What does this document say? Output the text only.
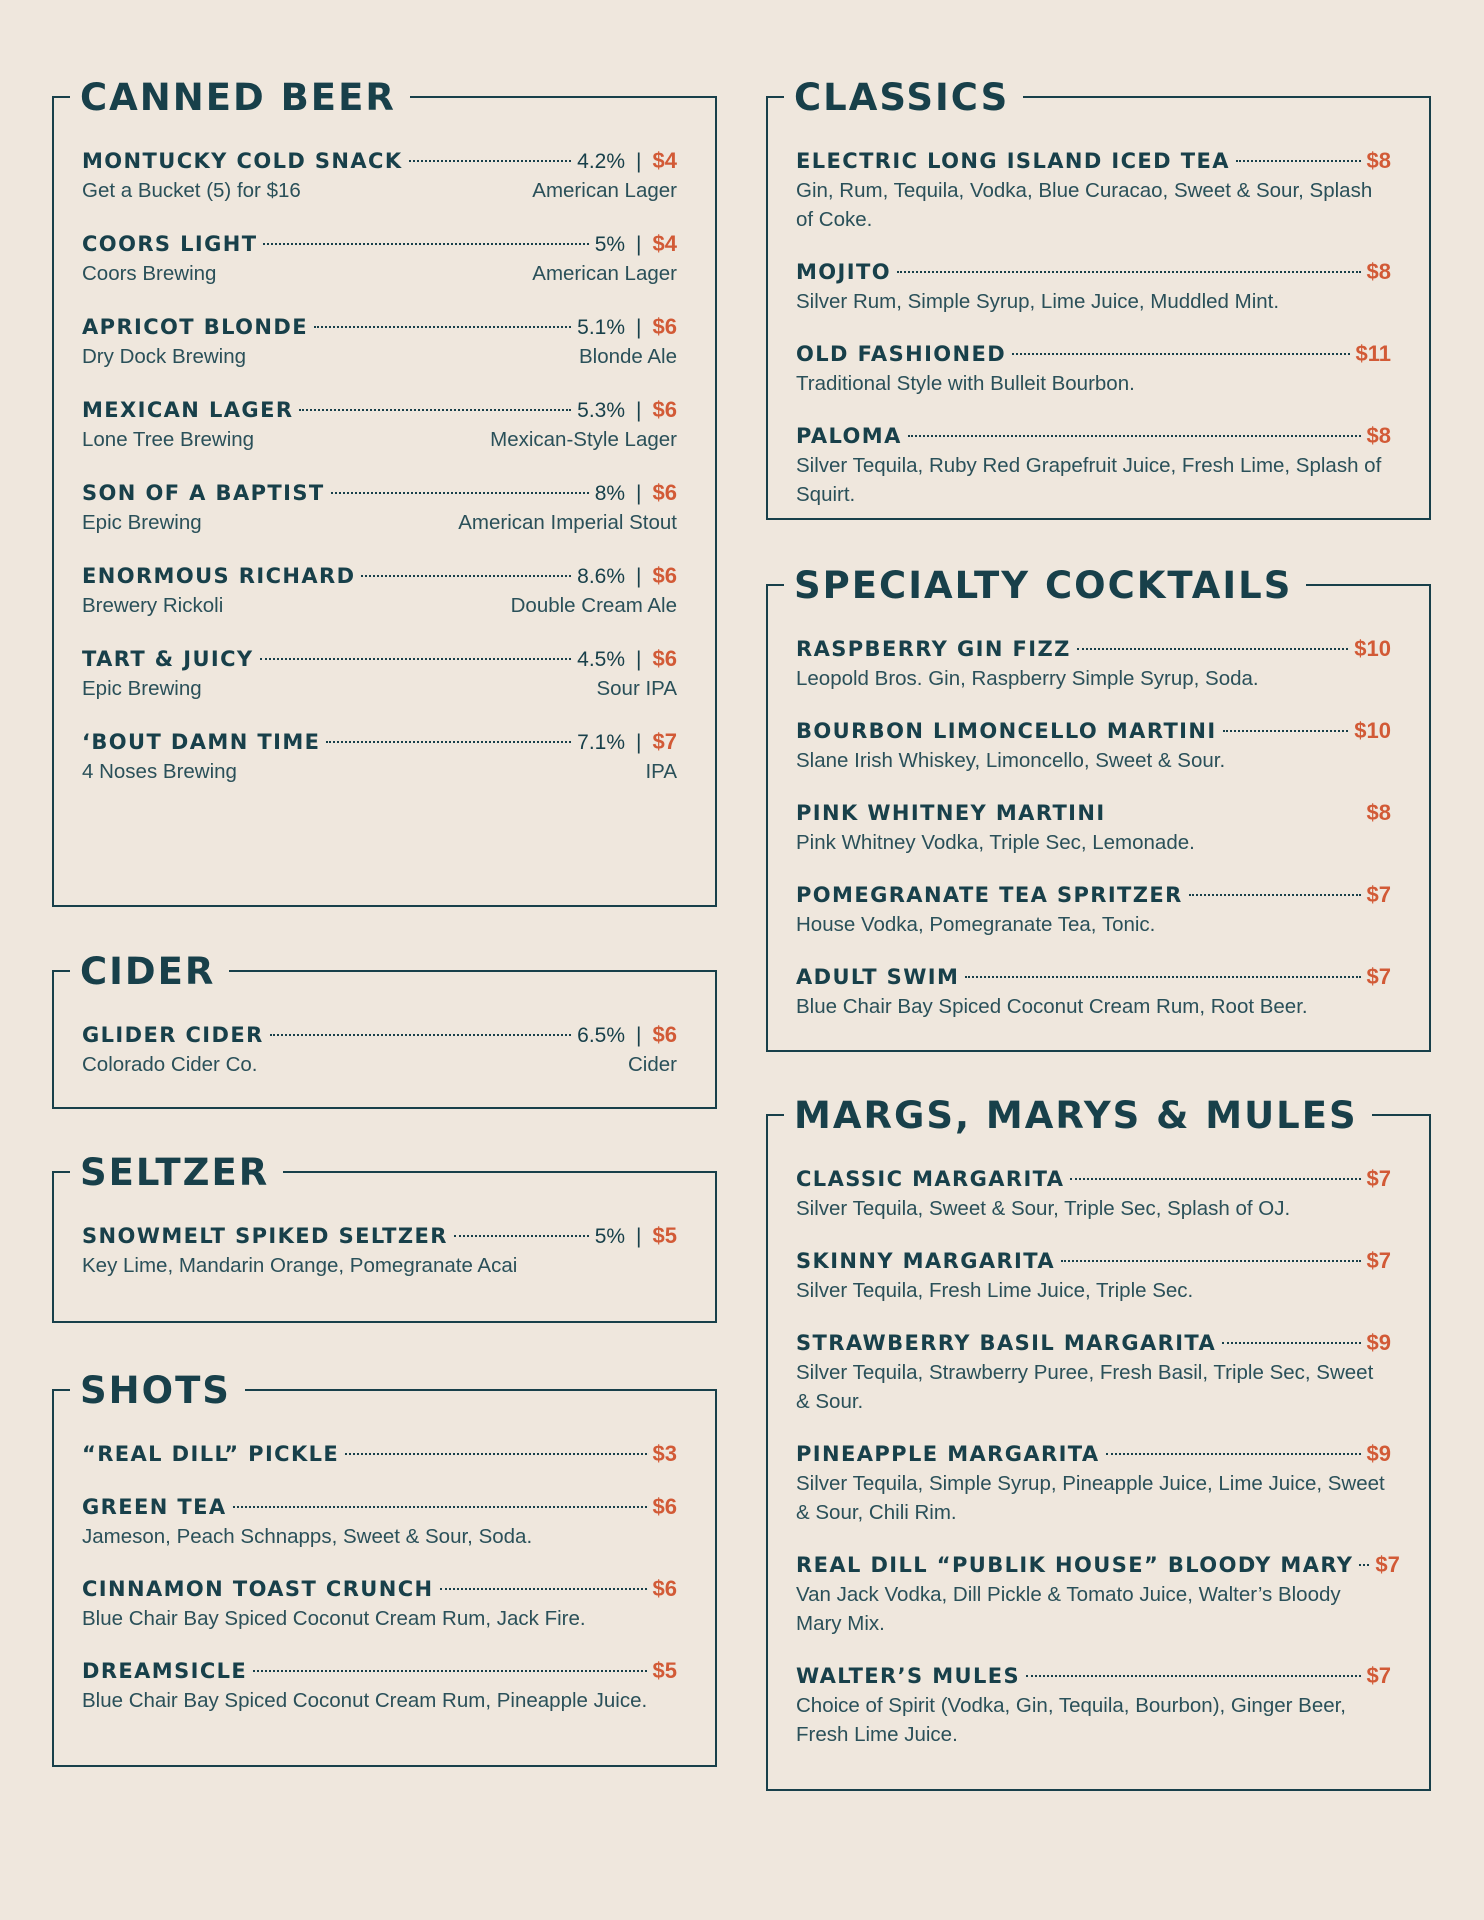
CANNED BEER
MONTUCKY COLD SNACK	4.2% | $4
Get a Bucket (5) for $16	American Lager
COORS LIGHT	5% | $4
Coors Brewing	American Lager
APRICOT BLONDE	5.1% | $6
Dry Dock Brewing	Blonde Ale
MEXICAN LAGER	5.3% | $6
Lone Tree Brewing	Mexican-Style Lager
SON OF A BAPTIST	8% | $6
Epic Brewing	American Imperial Stout
ENORMOUS RICHARD	8.6% | $6
Brewery Rickoli	Double Cream Ale
TART & JUICY	4.5% | $6
Epic Brewing	Sour IPA
‘BOUT DAMN TIME	7.1% | $7
4 Noses Brewing	IPA
CIDER
GLIDER CIDER	6.5% | $6
Colorado Cider Co.	Cider
SELTZER
SNOWMELT SPIKED SELTZER	5% | $5
Key Lime, Mandarin Orange, Pomegranate Acai
SHOTS
“REAL DILL” PICKLE	$3
GREEN TEA	$6
Jameson, Peach Schnapps, Sweet & Sour, Soda.
CINNAMON TOAST CRUNCH	$6
Blue Chair Bay Spiced Coconut Cream Rum, Jack Fire.
DREAMSICLE	$5
Blue Chair Bay Spiced Coconut Cream Rum, Pineapple Juice.
CLASSICS
ELECTRIC LONG ISLAND ICED TEA	$8
Gin, Rum, Tequila, Vodka, Blue Curacao, Sweet & Sour, Splash of Coke.
MOJITO	$8
Silver Rum, Simple Syrup, Lime Juice, Muddled Mint.
OLD FASHIONED	$11
Traditional Style with Bulleit Bourbon.
PALOMA	$8
Silver Tequila, Ruby Red Grapefruit Juice, Fresh Lime, Splash of Squirt.
SPECIALTY COCKTAILS
RASPBERRY GIN FIZZ	$10
Leopold Bros. Gin, Raspberry Simple Syrup, Soda.
BOURBON LIMONCELLO MARTINI	$10
Slane Irish Whiskey, Limoncello, Sweet & Sour.
PINK WHITNEY MARTINI	$8
Pink Whitney Vodka, Triple Sec, Lemonade.
POMEGRANATE TEA SPRITZER	$7
House Vodka, Pomegranate Tea, Tonic.
ADULT SWIM	$7
Blue Chair Bay Spiced Coconut Cream Rum, Root Beer.
MARGS, MARYS & MULES
CLASSIC MARGARITA	$7
Silver Tequila, Sweet & Sour, Triple Sec, Splash of OJ.
SKINNY MARGARITA	$7
Silver Tequila, Fresh Lime Juice, Triple Sec.
STRAWBERRY BASIL MARGARITA	$9
Silver Tequila, Strawberry Puree, Fresh Basil, Triple Sec, Sweet & Sour.
PINEAPPLE MARGARITA	$9
Silver Tequila, Simple Syrup, Pineapple Juice, Lime Juice, Sweet & Sour, Chili Rim.
REAL DILL “PUBLIK HOUSE” BLOODY MARY $7
Van Jack Vodka, Dill Pickle & Tomato Juice, Walter’s Bloody Mary Mix.
WALTER’S MULES	$7
Choice of Spirit (Vodka, Gin, Tequila, Bourbon), Ginger Beer, Fresh Lime Juice.
